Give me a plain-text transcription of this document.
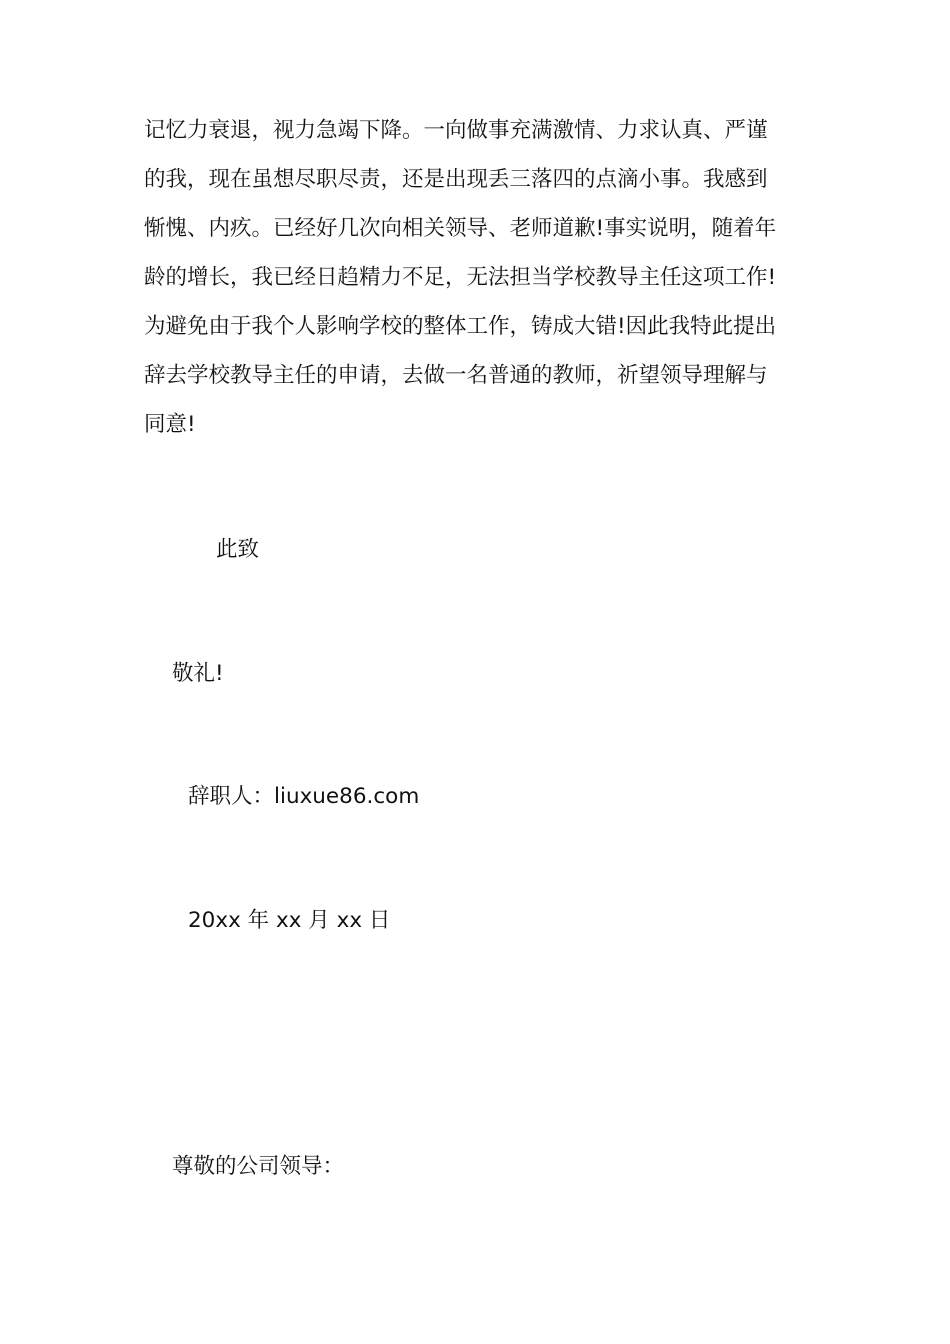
记忆力衰退，视力急竭下降。一向做事充满激情、力求认真、严谨

的我，现在虽想尽职尽责，还是出现丢三落四的点滴小事。我感到

惭愧、内疚。已经好几次向相关领导、老师道歉!事实说明，随着年

龄的增长，我已经日趋精力不足，无法担当学校教导主任这项工作!

为避免由于我个人影响学校的整体工作，铸成大错!因此我特此提出

辞去学校教导主任的申请，去做一名普通的教师，祈望领导理解与

同意!

此致

敬礼!

辞职人：liuxue86.com

20xx 年 xx 月 xx 日

尊敬的公司领导：
